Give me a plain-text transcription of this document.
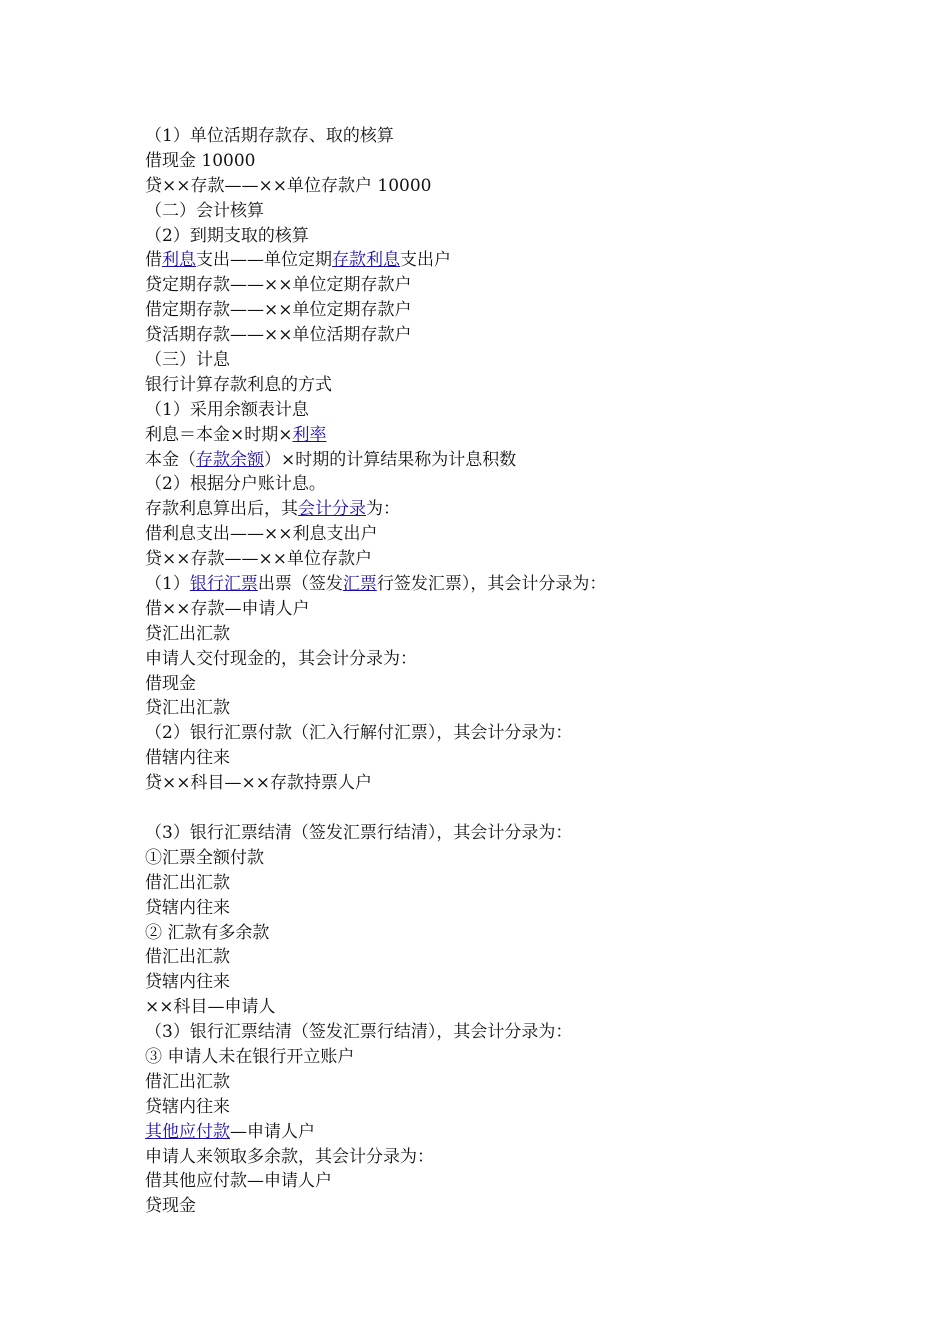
（1）单位活期存款存、取的核算
借现金 10000
贷××存款——××单位存款户 10000
（二）会计核算
（2）到期支取的核算
借利息支出——单位定期存款利息支出户
贷定期存款——××单位定期存款户
借定期存款——××单位定期存款户
贷活期存款——××单位活期存款户
（三）计息
银行计算存款利息的方式
（1）采用余额表计息
利息＝本金×时期×利率
本金（存款余额）×时期的计算结果称为计息积数
（2）根据分户账计息。
存款利息算出后，其会计分录为：
借利息支出——××利息支出户
贷××存款——××单位存款户
（1）银行汇票出票（签发汇票行签发汇票），其会计分录为：
借××存款—申请人户
贷汇出汇款
申请人交付现金的，其会计分录为：
借现金
贷汇出汇款
（2）银行汇票付款（汇入行解付汇票），其会计分录为：
借辖内往来
贷××科目—××存款持票人户
（3）银行汇票结清（签发汇票行结清），其会计分录为：
①汇票全额付款
借汇出汇款
贷辖内往来
② 汇款有多余款
借汇出汇款
贷辖内往来
××科目—申请人
（3）银行汇票结清（签发汇票行结清），其会计分录为：
③ 申请人未在银行开立账户
借汇出汇款
贷辖内往来
其他应付款—申请人户
申请人来领取多余款，其会计分录为：
借其他应付款—申请人户
贷现金
